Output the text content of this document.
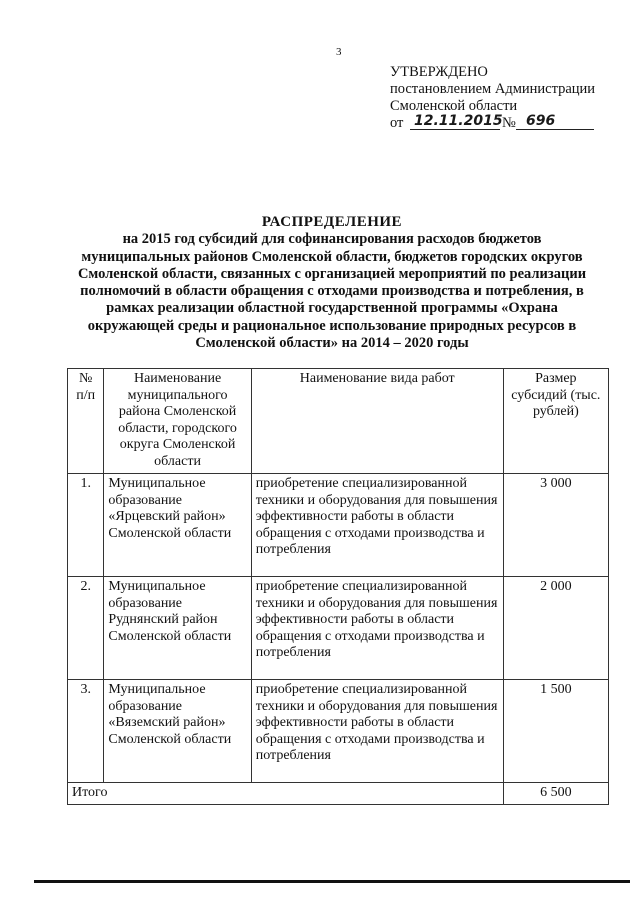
3
УТВЕРЖДЕНО
постановлением Администрации
Смоленской области
от 12.11.2015 № 696
РАСПРЕДЕЛЕНИЕ
на 2015 год субсидий для софинансирования расходов бюджетов муниципальных районов Смоленской области, бюджетов городских округов Смоленской области, связанных с организацией мероприятий по реализации полномочий в области обращения с отходами производства и потребления, в рамках реализации областной государственной программы «Охрана окружающей среды и рациональное использование природных ресурсов в Смоленской области» на 2014 – 2020 годы
№ п/п	Наименование муниципального района Смоленской области, городского округа Смоленской области	Наименование вида работ	Размер субсидий (тыс. рублей)
1.	Муниципальное образование «Ярцевский район» Смоленской области	приобретение специализированной техники и оборудования для повышения эффективности работы в области обращения с отходами производства и потребления	3 000
2.	Муниципальное образование Руднянский район Смоленской области	приобретение специализированной техники и оборудования для повышения эффективности работы в области обращения с отходами производства и потребления	2 000
3.	Муниципальное образование «Вяземский район» Смоленской области	приобретение специализированной техники и оборудования для повышения эффективности работы в области обращения с отходами производства и потребления	1 500
Итого			6 500
